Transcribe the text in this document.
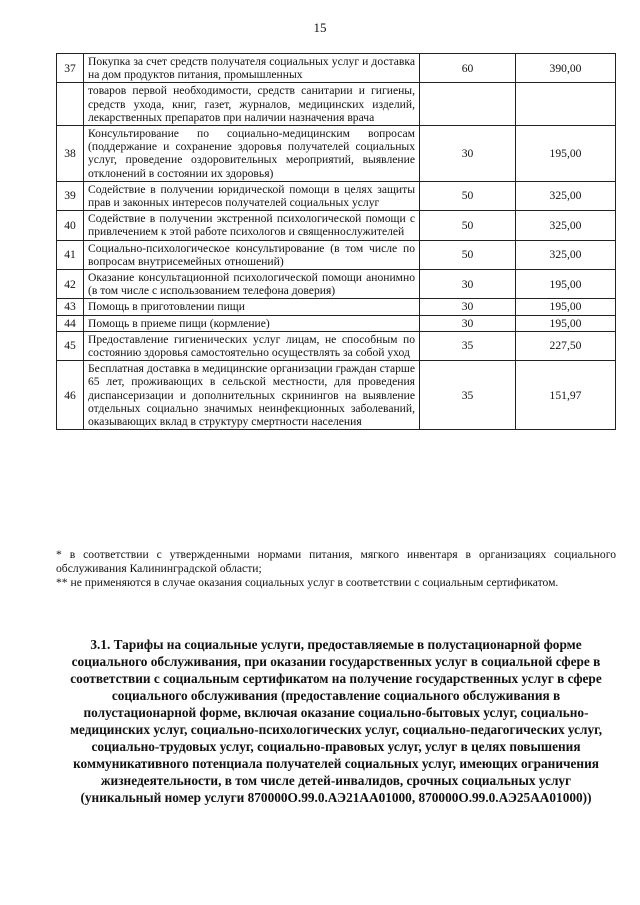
15
37	Покупка за счет средств получателя социальных услуг и доставка на дом продуктов питания, промышленных	60	390,00
	товаров первой необходимости, средств санитарии и гигиены, средств ухода, книг, газет, журналов, медицинских изделий, лекарственных препаратов при наличии назначения врача		
38	Консультирование по социально-медицинским вопросам (поддержание и сохранение здоровья получателей социальных услуг, проведение оздоровительных мероприятий, выявление отклонений в состоянии их здоровья)	30	195,00
39	Содействие в получении юридической помощи в целях защиты прав и законных интересов получателей социальных услуг	50	325,00
40	Содействие в получении экстренной психологической помощи с привлечением к этой работе психологов и священнослужителей	50	325,00
41	Социально-психологическое консультирование (в том числе по вопросам внутрисемейных отношений)	50	325,00
42	Оказание консультационной психологической помощи анонимно (в том числе с использованием телефона доверия)	30	195,00
43	Помощь в приготовлении пищи	30	195,00
44	Помощь в приеме пищи (кормление)	30	195,00
45	Предоставление гигиенических услуг лицам, не способным по состоянию здоровья самостоятельно осуществлять за собой уход	35	227,50
46	Бесплатная доставка в медицинские организации граждан старше 65 лет, проживающих в сельской местности, для проведения диспансеризации и дополнительных скринингов на выявление отдельных социально значимых неинфекционных заболеваний, оказывающих вклад в структуру смертности населения	35	151,97

* в соответствии с утвержденными нормами питания, мягкого инвентаря в организациях социального обслуживания Калининградской области;

** не применяются в случае оказания социальных услуг в соответствии с социальным сертификатом.

3.1. Тарифы на социальные услуги, предоставляемые в полустационарной форме социального обслуживания, при оказании государственных услуг в социальной сфере в соответствии с социальным сертификатом на получение государственных услуг в сфере социального обслуживания (предоставление социального обслуживания в полустационарной форме, включая оказание социально-бытовых услуг, социально-медицинских услуг, социально-психологических услуг, социально-педагогических услуг, социально-трудовых услуг, социально-правовых услуг, услуг в целях повышения коммуникативного потенциала получателей социальных услуг, имеющих ограничения жизнедеятельности, в том числе детей-инвалидов, срочных социальных услуг

(уникальный номер услуги 870000О.99.0.АЭ21АА01000, 870000О.99.0.АЭ25АА01000))
